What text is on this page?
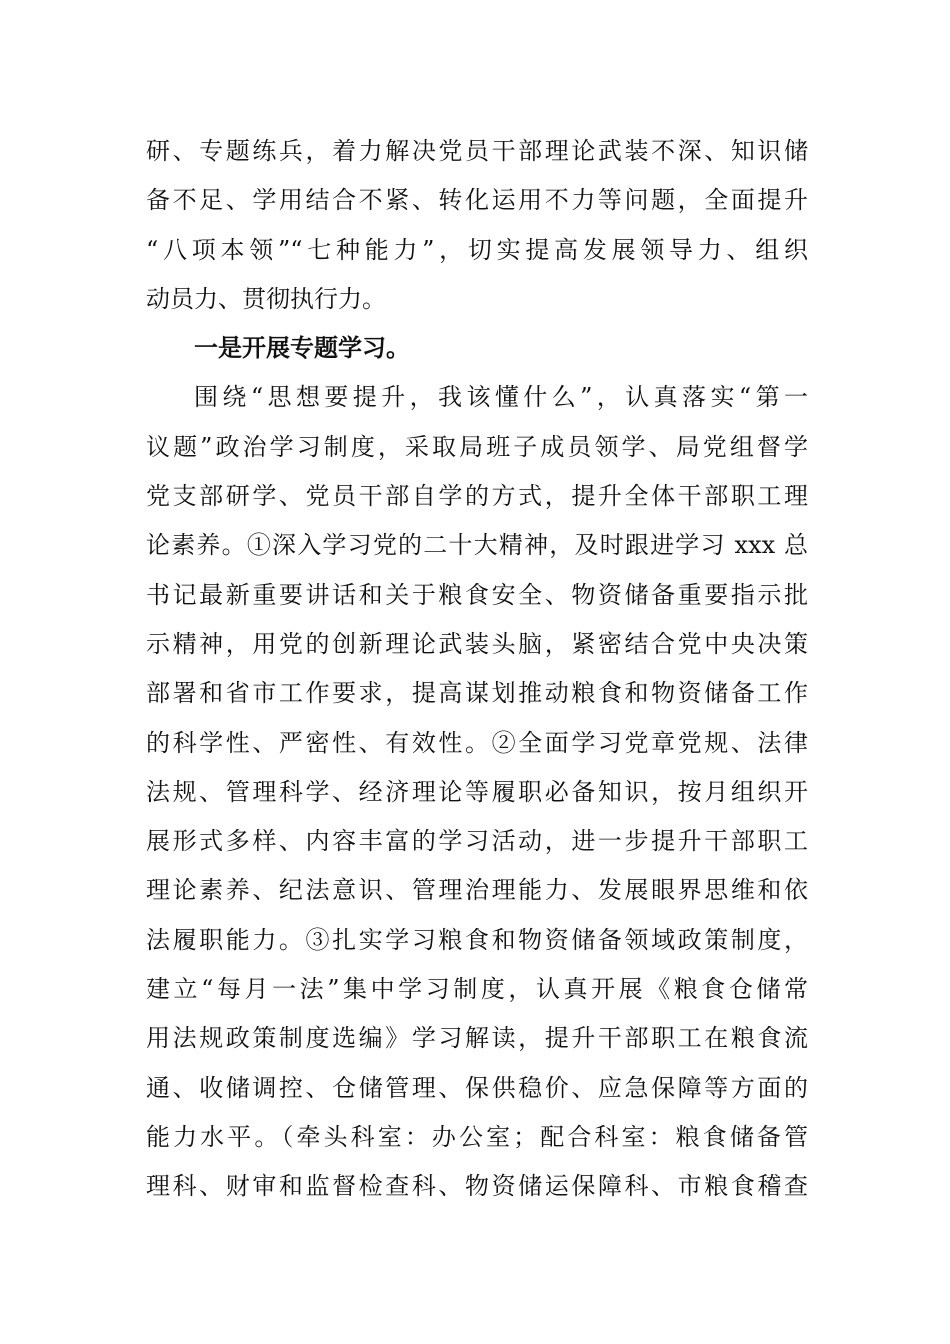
研、专题练兵，着力解决党员干部理论武装不深、知识储
备不足、学用结合不紧、转化运用不力等问题，全面提升
“八项本领”“七种能力”，切实提高发展领导力、组织
动员力、贯彻执行力。
一是开展专题学习。
围绕“思想要提升，我该懂什么”，认真落实“第一
议题”政治学习制度，采取局班子成员领学、局党组督学
党支部研学、党员干部自学的方式，提升全体干部职工理
论素养。①深入学习党的二十大精神，及时跟进学习 xxx 总
书记最新重要讲话和关于粮食安全、物资储备重要指示批
示精神，用党的创新理论武装头脑，紧密结合党中央决策
部署和省市工作要求，提高谋划推动粮食和物资储备工作
的科学性、严密性、有效性。②全面学习党章党规、法律
法规、管理科学、经济理论等履职必备知识，按月组织开
展形式多样、内容丰富的学习活动，进一步提升干部职工
理论素养、纪法意识、管理治理能力、发展眼界思维和依
法履职能力。③扎实学习粮食和物资储备领域政策制度，
建立“每月一法”集中学习制度，认真开展《粮食仓储常
用法规政策制度选编》学习解读，提升干部职工在粮食流
通、收储调控、仓储管理、保供稳价、应急保障等方面的
能力水平。（牵头科室：办公室；配合科室：粮食储备管
理科、财审和监督检查科、物资储运保障科、市粮食稽查
